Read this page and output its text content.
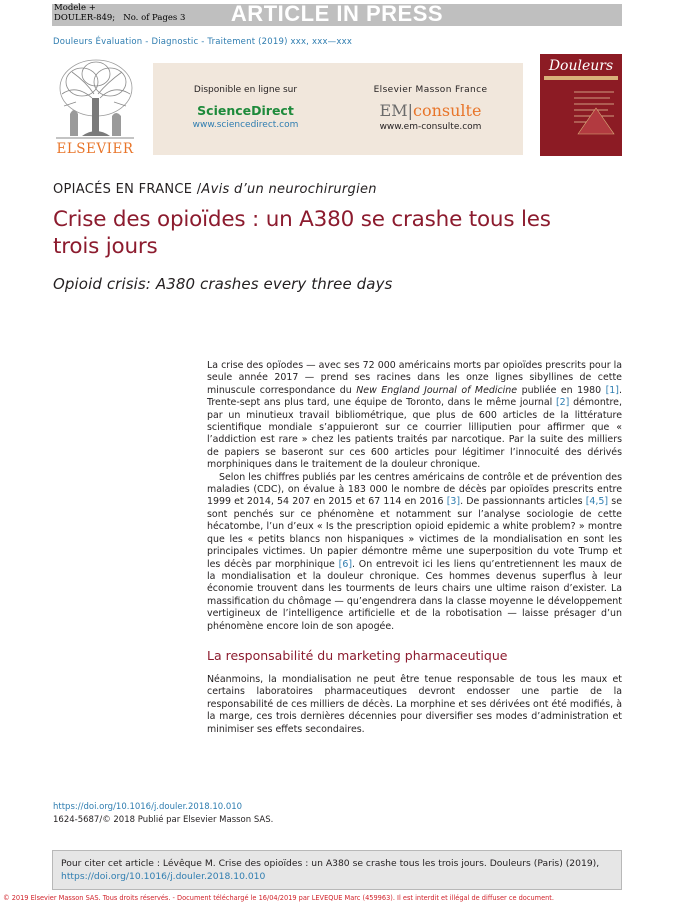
ARTICLE IN PRESS
Modele +
DOULER-849; No. of Pages 3
Douleurs Évaluation - Diagnostic - Traitement (2019) xxx, xxx—xxx
ELSEVIER
Disponible en ligne sur
ScienceDirect
www.sciencedirect.com
Elsevier Masson France
EM|consulte
www.em-consulte.com
Douleurs
OPIACÉS EN FRANCE /Avis d’un neurochirurgien
Crise des opioïdes : un A380 se crashe tous les trois jours
Opioid crisis: A380 crashes every three days

La crise des opïodes — avec ses 72 000 américains morts par opioïdes prescrits pour la seule année 2017 — prend ses racines dans les onze lignes sibyllines de cette minuscule correspondance du New England Journal of Medicine publiée en 1980 [1]. Trente-sept ans plus tard, une équipe de Toronto, dans le même journal [2] démontre, par un minutieux travail bibliométrique, que plus de 600 articles de la littérature scientifique mondiale s’appuieront sur ce courrier lilliputien pour affirmer que « l’addiction est rare » chez les patients traités par narcotique. Par la suite des milliers de papiers se baseront sur ces 600 articles pour légitimer l’innocuité des dérivés morphiniques dans le traitement de la douleur chronique.

Selon les chiffres publiés par les centres américains de contrôle et de prévention des maladies (CDC), on évalue à 183 000 le nombre de décès par opioïdes prescrits entre 1999 et 2014, 54 207 en 2015 et 67 114 en 2016 [3]. De passionnants articles [4,5] se sont penchés sur ce phénomène et notamment sur l’analyse sociologie de cette hécatombe, l’un d’eux « Is the prescription opioid epidemic a white problem? » montre que les « petits blancs non hispaniques » victimes de la mondialisation en sont les principales victimes. Un papier démontre même une superposition du vote Trump et les décès par morphinique [6]. On entrevoit ici les liens qu’entretiennent les maux de la mondialisation et la douleur chronique. Ces hommes devenus superflus à leur économie trouvent dans les tourments de leurs chairs une ultime raison d’exister. La massification du chômage — qu’engendrera dans la classe moyenne le développement vertigineux de l’intelligence artificielle et de la robotisation — laisse présager d’un phénomène encore loin de son apogée.

La responsabilité du marketing pharmaceutique

Néanmoins, la mondialisation ne peut être tenue responsable de tous les maux et certains laboratoires pharmaceutiques devront endosser une partie de la responsabilité de ces milliers de décès. La morphine et ses dérivées ont été modifiés, à la marge, ces trois dernières décennies pour diversifier ses modes d’administration et minimiser ses effets secondaires.

https://doi.org/10.1016/j.douler.2018.10.010
1624-5687/© 2018 Publié par Elsevier Masson SAS.
Pour citer cet article : Lévêque M. Crise des opioïdes : un A380 se crashe tous les trois jours. Douleurs (Paris) (2019),
https://doi.org/10.1016/j.douler.2018.10.010
© 2019 Elsevier Masson SAS. Tous droits réservés. - Document téléchargé le 16/04/2019 par LEVEQUE Marc (459963). Il est interdit et illégal de diffuser ce document.
